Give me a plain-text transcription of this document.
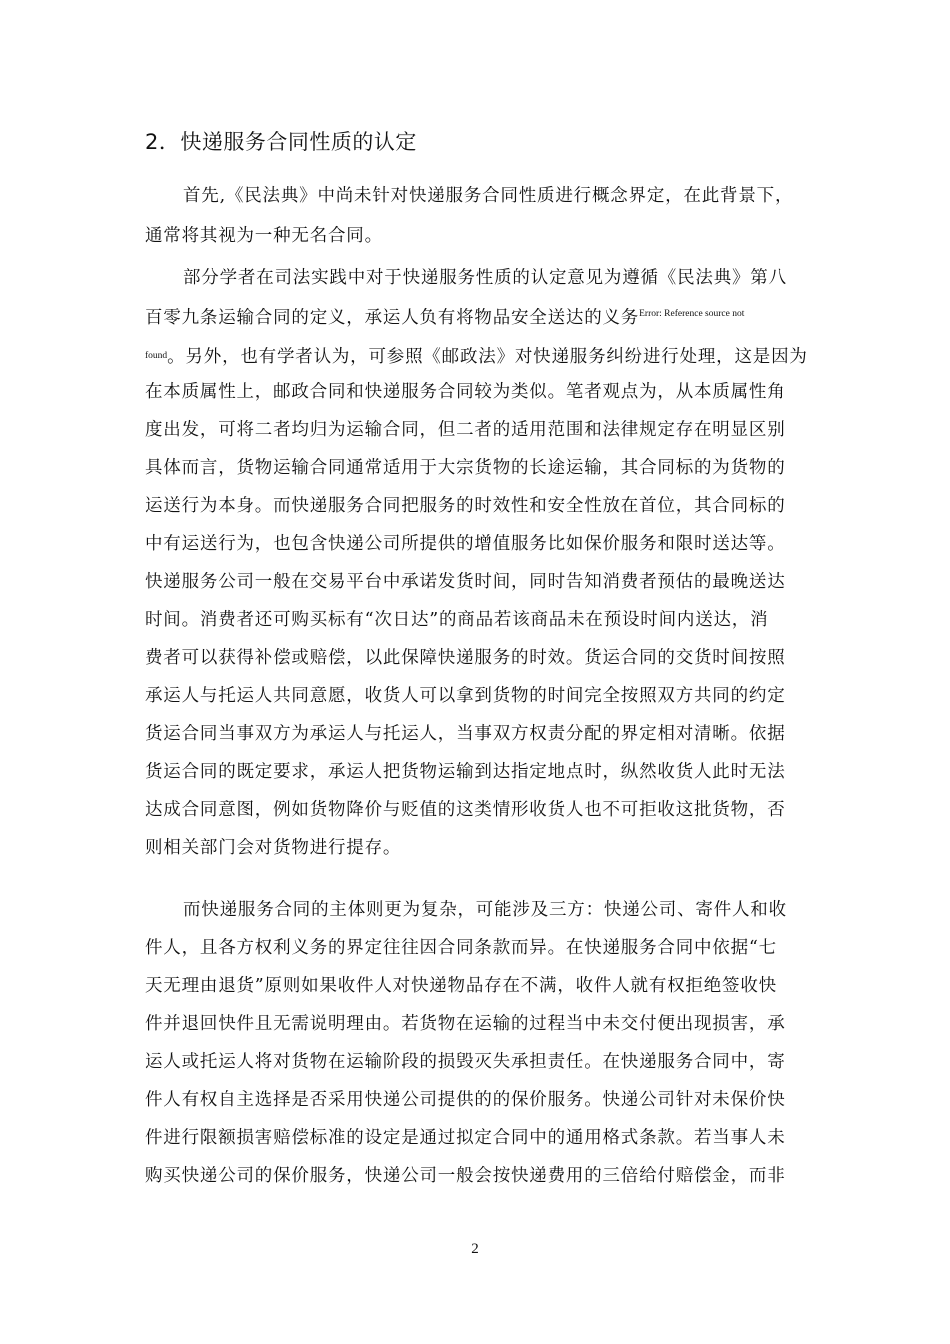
2．快递服务合同性质的认定
首先,《民法典》中尚未针对快递服务合同性质进行概念界定，在此背景下，
通常将其视为一种无名合同。
部分学者在司法实践中对于快递服务性质的认定意见为遵循《民法典》第八
百零九条运输合同的定义，承运人负有将物品安全送达的义务$^{Error: Reference source not}$
$^{found}$。另外，也有学者认为，可参照《邮政法》对快递服务纠纷进行处理，这是因为
在本质属性上，邮政合同和快递服务合同较为类似。笔者观点为，从本质属性角
度出发，可将二者均归为运输合同，但二者的适用范围和法律规定存在明显区别
具体而言，货物运输合同通常适用于大宗货物的长途运输，其合同标的为货物的
运送行为本身。而快递服务合同把服务的时效性和安全性放在首位，其合同标的
中有运送行为，也包含快递公司所提供的增值服务比如保价服务和限时送达等。
快递服务公司一般在交易平台中承诺发货时间，同时告知消费者预估的最晚送达
时间。消费者还可购买标有“次日达”的商品若该商品未在预设时间内送达，消
费者可以获得补偿或赔偿，以此保障快递服务的时效。货运合同的交货时间按照
承运人与托运人共同意愿，收货人可以拿到货物的时间完全按照双方共同的约定
货运合同当事双方为承运人与托运人，当事双方权责分配的界定相对清晰。依据
货运合同的既定要求，承运人把货物运输到达指定地点时，纵然收货人此时无法
达成合同意图，例如货物降价与贬值的这类情形收货人也不可拒收这批货物，否
则相关部门会对货物进行提存。
而快递服务合同的主体则更为复杂，可能涉及三方：快递公司、寄件人和收
件人，且各方权利义务的界定往往因合同条款而异。在快递服务合同中依据“七
天无理由退货”原则如果收件人对快递物品存在不满，收件人就有权拒绝签收快
件并退回快件且无需说明理由。若货物在运输的过程当中未交付便出现损害，承
运人或托运人将对货物在运输阶段的损毁灭失承担责任。在快递服务合同中，寄
件人有权自主选择是否采用快递公司提供的的保价服务。快递公司针对未保价快
件进行限额损害赔偿标准的设定是通过拟定合同中的通用格式条款。若当事人未
购买快递公司的保价服务，快递公司一般会按快递费用的三倍给付赔偿金，而非
2
